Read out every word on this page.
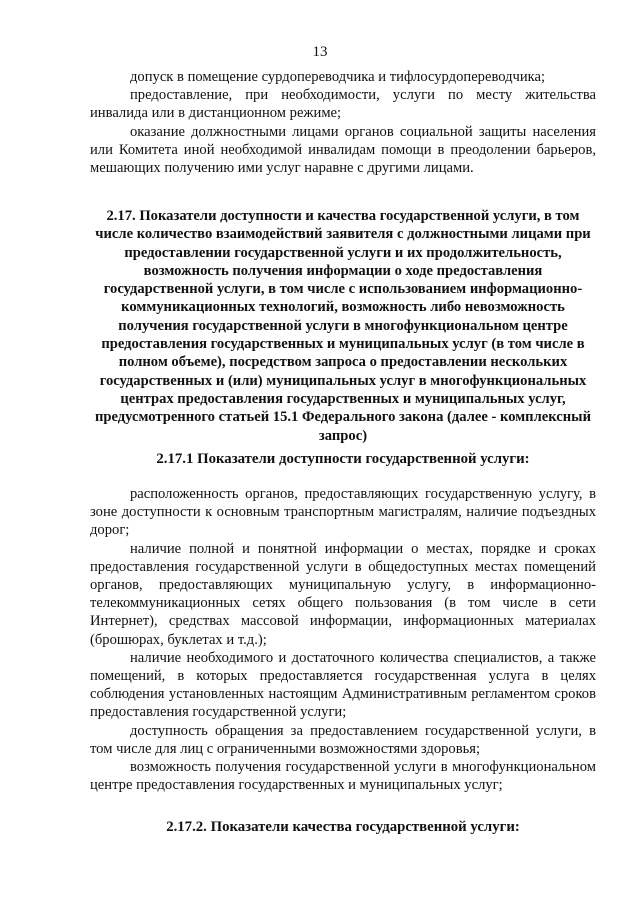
13

допуск в помещение сурдопереводчика и тифлосурдопереводчика;

предоставление, при необходимости, услуги по месту жительства инвалида или в дистанционном режиме;

оказание должностными лицами органов социальной защиты населения или Комитета иной необходимой инвалидам помощи в преодолении барьеров, мешающих получению ими услуг наравне с другими лицами.

2.17. Показатели доступности и качества государственной услуги, в том числе количество взаимодействий заявителя с должностными лицами при предоставлении государственной услуги и их продолжительность, возможность получения информации о ходе предоставления государственной услуги, в том числе с использованием информационно-коммуникационных технологий, возможность либо невозможность получения государственной услуги в многофункциональном центре предоставления государственных и муниципальных услуг (в том числе в полном объеме), посредством запроса о предоставлении нескольких государственных и (или) муниципальных услуг в многофункциональных центрах предоставления государственных и муниципальных услуг, предусмотренного статьей 15.1 Федерального закона (далее - комплексный запрос)

2.17.1 Показатели доступности государственной услуги:

расположенность органов, предоставляющих государственную услугу, в зоне доступности к основным транспортным магистралям, наличие подъездных дорог;

наличие полной и понятной информации о местах, порядке и сроках предоставления государственной услуги в общедоступных местах помещений органов, предоставляющих муниципальную услугу, в информационно-телекоммуникационных сетях общего пользования (в том числе в сети Интернет), средствах массовой информации, информационных материалах (брошюрах, буклетах и т.д.);

наличие необходимого и достаточного количества специалистов, а также помещений, в которых предоставляется государственная услуга в целях соблюдения установленных настоящим Административным регламентом сроков предоставления государственной услуги;

доступность обращения за предоставлением государственной услуги, в том числе для лиц с ограниченными возможностями здоровья;

возможность получения государственной услуги в многофункциональном центре предоставления государственных и муниципальных услуг;

2.17.2. Показатели качества государственной услуги:
